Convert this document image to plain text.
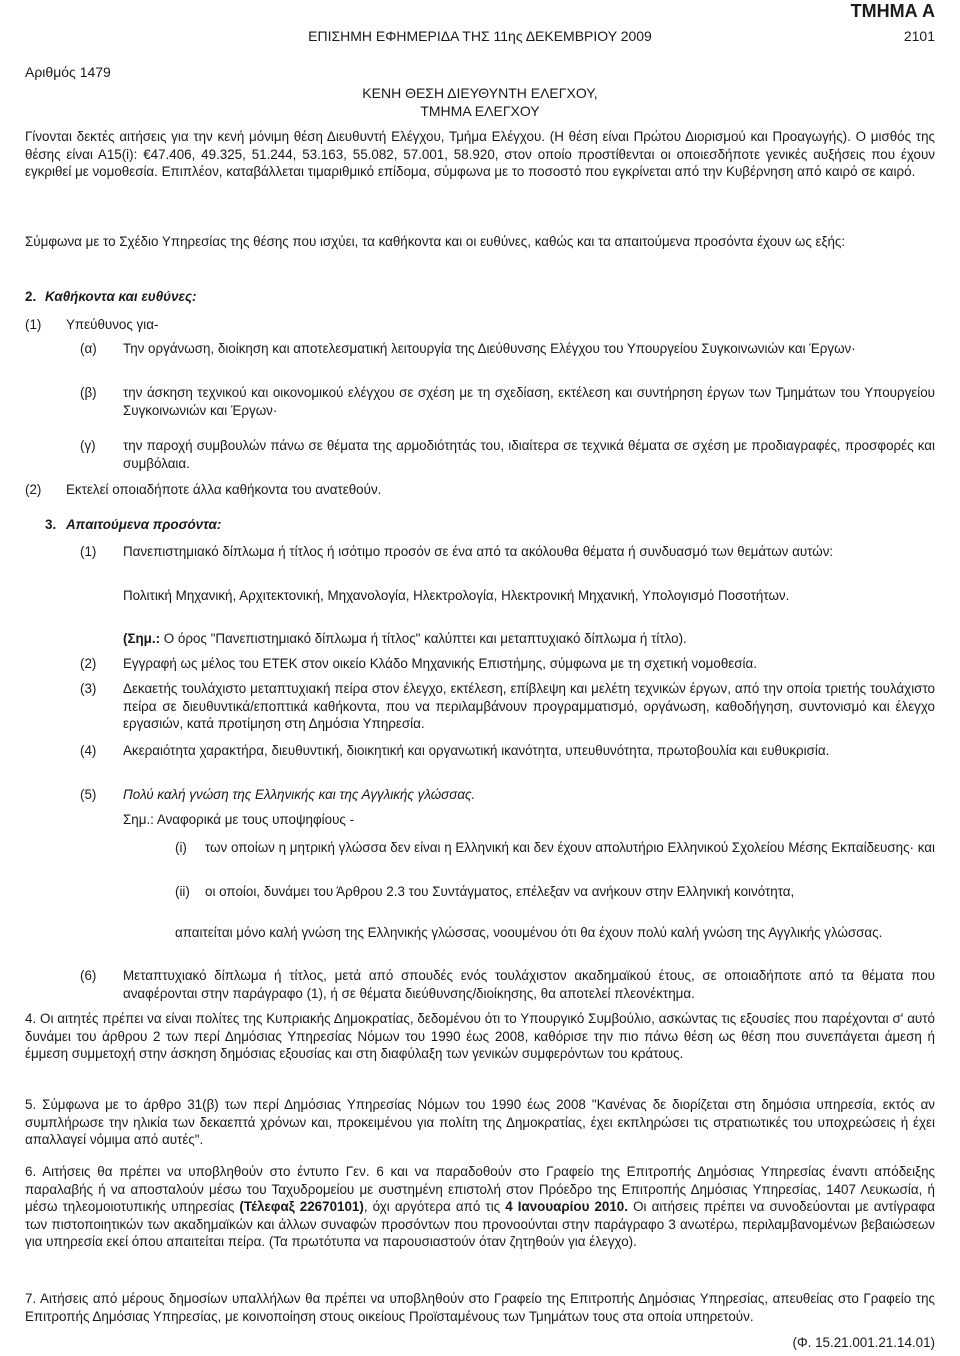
ΤΜΗΜΑ Α
ΕΠΙΣΗΜΗ ΕΦΗΜΕΡΙΔΑ ΤΗΣ 11ης ΔΕΚΕΜΒΡΙΟΥ 2009	2101
Αριθμός 1479
ΚΕΝΗ ΘΕΣΗ ΔΙΕΥΘΥΝΤΗ ΕΛΕΓΧΟΥ,
ΤΜΗΜΑ ΕΛΕΓΧΟΥ
Γίνονται δεκτές αιτήσεις για την κενή μόνιμη θέση Διευθυντή Ελέγχου, Τμήμα Ελέγχου. (Η θέση είναι Πρώτου Διορισμού και Προαγωγής). Ο μισθός της θέσης είναι Α15(i): €47.406, 49.325, 51.244, 53.163, 55.082, 57.001, 58.920, στον οποίο προστίθενται οι οποιεσδήποτε γενικές αυξήσεις που έχουν εγκριθεί με νομοθεσία. Επιπλέον, καταβάλλεται τιμαριθμικό επίδομα, σύμφωνα με το ποσοστό που εγκρίνεται από την Κυβέρνηση από καιρό σε καιρό.
Σύμφωνα με το Σχέδιο Υπηρεσίας της θέσης που ισχύει, τα καθήκοντα και οι ευθύνες, καθώς και τα απαιτούμενα προσόντα έχουν ως εξής:
2. Καθήκοντα και ευθύνες:
(1) Υπεύθυνος για-
(α) Την οργάνωση, διοίκηση και αποτελεσματική λειτουργία της Διεύθυνσης Ελέγχου του Υπουργείου Συγκοινωνιών και Έργων·
(β) την άσκηση τεχνικού και οικονομικού ελέγχου σε σχέση με τη σχεδίαση, εκτέλεση και συντήρηση έργων των Τμημάτων του Υπουργείου Συγκοινωνιών και Έργων·
(γ) την παροχή συμβουλών πάνω σε θέματα της αρμοδιότητάς του, ιδιαίτερα σε τεχνικά θέματα σε σχέση με προδιαγραφές, προσφορές και συμβόλαια.
(2) Εκτελεί οποιαδήποτε άλλα καθήκοντα του ανατεθούν.
3. Απαιτούμενα προσόντα:
(1) Πανεπιστημιακό δίπλωμα ή τίτλος ή ισότιμο προσόν σε ένα από τα ακόλουθα θέματα ή συνδυασμό των θεμάτων αυτών:
Πολιτική Μηχανική, Αρχιτεκτονική, Μηχανολογία, Ηλεκτρολογία, Ηλεκτρονική Μηχανική, Υπολογισμό Ποσοτήτων.
(Σημ.: Ο όρος "Πανεπιστημιακό δίπλωμα ή τίτλος" καλύπτει και μεταπτυχιακό δίπλωμα ή τίτλο).
(2) Εγγραφή ως μέλος του ΕΤΕΚ στον οικείο Κλάδο Μηχανικής Επιστήμης, σύμφωνα με τη σχετική νομοθεσία.
(3) Δεκαετής τουλάχιστο μεταπτυχιακή πείρα στον έλεγχο, εκτέλεση, επίβλεψη και μελέτη τεχνικών έργων, από την οποία τριετής τουλάχιστο πείρα σε διευθυντικά/εποπτικά καθήκοντα, που να περιλαμβάνουν προγραμματισμό, οργάνωση, καθοδήγηση, συντονισμό και έλεγχο εργασιών, κατά προτίμηση στη Δημόσια Υπηρεσία.
(4) Ακεραιότητα χαρακτήρα, διευθυντική, διοικητική και οργανωτική ικανότητα, υπευθυνότητα, πρωτοβουλία και ευθυκρισία.
(5) Πολύ καλή γνώση της Ελληνικής και της Αγγλικής γλώσσας.
Σημ.: Αναφορικά με τους υποψηφίους -
(i) των οποίων η μητρική γλώσσα δεν είναι η Ελληνική και δεν έχουν απολυτήριο Ελληνικού Σχολείου Μέσης Εκπαίδευσης· και
(ii) οι οποίοι, δυνάμει του Άρθρου 2.3 του Συντάγματος, επέλεξαν να ανήκουν στην Ελληνική κοινότητα,
απαιτείται μόνο καλή γνώση της Ελληνικής γλώσσας, νοουμένου ότι θα έχουν πολύ καλή γνώση της Αγγλικής γλώσσας.
(6) Μεταπτυχιακό δίπλωμα ή τίτλος, μετά από σπουδές ενός τουλάχιστον ακαδημαϊκού έτους, σε οποιαδήποτε από τα θέματα που αναφέρονται στην παράγραφο (1), ή σε θέματα διεύθυνσης/διοίκησης, θα αποτελεί πλεονέκτημα.
4. Οι αιτητές πρέπει να είναι πολίτες της Κυπριακής Δημοκρατίας, δεδομένου ότι το Υπουργικό Συμβούλιο, ασκώντας τις εξουσίες που παρέχονται σ' αυτό δυνάμει του άρθρου 2 των περί Δημόσιας Υπηρεσίας Νόμων του 1990 έως 2008, καθόρισε την πιο πάνω θέση ως θέση που συνεπάγεται άμεση ή έμμεση συμμετοχή στην άσκηση δημόσιας εξουσίας και στη διαφύλαξη των γενικών συμφερόντων του κράτους.
5. Σύμφωνα με το άρθρο 31(β) των περί Δημόσιας Υπηρεσίας Νόμων του 1990 έως 2008 "Κανένας δε διορίζεται στη δημόσια υπηρεσία, εκτός αν συμπλήρωσε την ηλικία των δεκαεπτά χρόνων και, προκειμένου για πολίτη της Δημοκρατίας, έχει εκπληρώσει τις στρατιωτικές του υποχρεώσεις ή έχει απαλλαγεί νόμιμα από αυτές".
6. Αιτήσεις θα πρέπει να υποβληθούν στο έντυπο Γεν. 6 και να παραδοθούν στο Γραφείο της Επιτροπής Δημόσιας Υπηρεσίας έναντι απόδειξης παραλαβής ή να αποσταλούν μέσω του Ταχυδρομείου με συστημένη επιστολή στον Πρόεδρο της Επιτροπής Δημόσιας Υπηρεσίας, 1407 Λευκωσία, ή μέσω τηλεομοιοτυπικής υπηρεσίας (Τέλεφαξ 22670101), όχι αργότερα από τις 4 Ιανουαρίου 2010. Οι αιτήσεις πρέπει να συνοδεύονται με αντίγραφα των πιστοποιητικών των ακαδημαϊκών και άλλων συναφών προσόντων που προνοούνται στην παράγραφο 3 ανωτέρω, περιλαμβανομένων βεβαιώσεων για υπηρεσία εκεί όπου απαιτείται πείρα. (Τα πρωτότυπα να παρουσιαστούν όταν ζητηθούν για έλεγχο).
7. Αιτήσεις από μέρους δημοσίων υπαλλήλων θα πρέπει να υποβληθούν στο Γραφείο της Επιτροπής Δημόσιας Υπηρεσίας, απευθείας στο Γραφείο της Επιτροπής Δημόσιας Υπηρεσίας, με κοινοποίηση στους οικείους Προϊσταμένους των Τμημάτων τους στα οποία υπηρετούν.
(Φ. 15.21.001.21.14.01)
